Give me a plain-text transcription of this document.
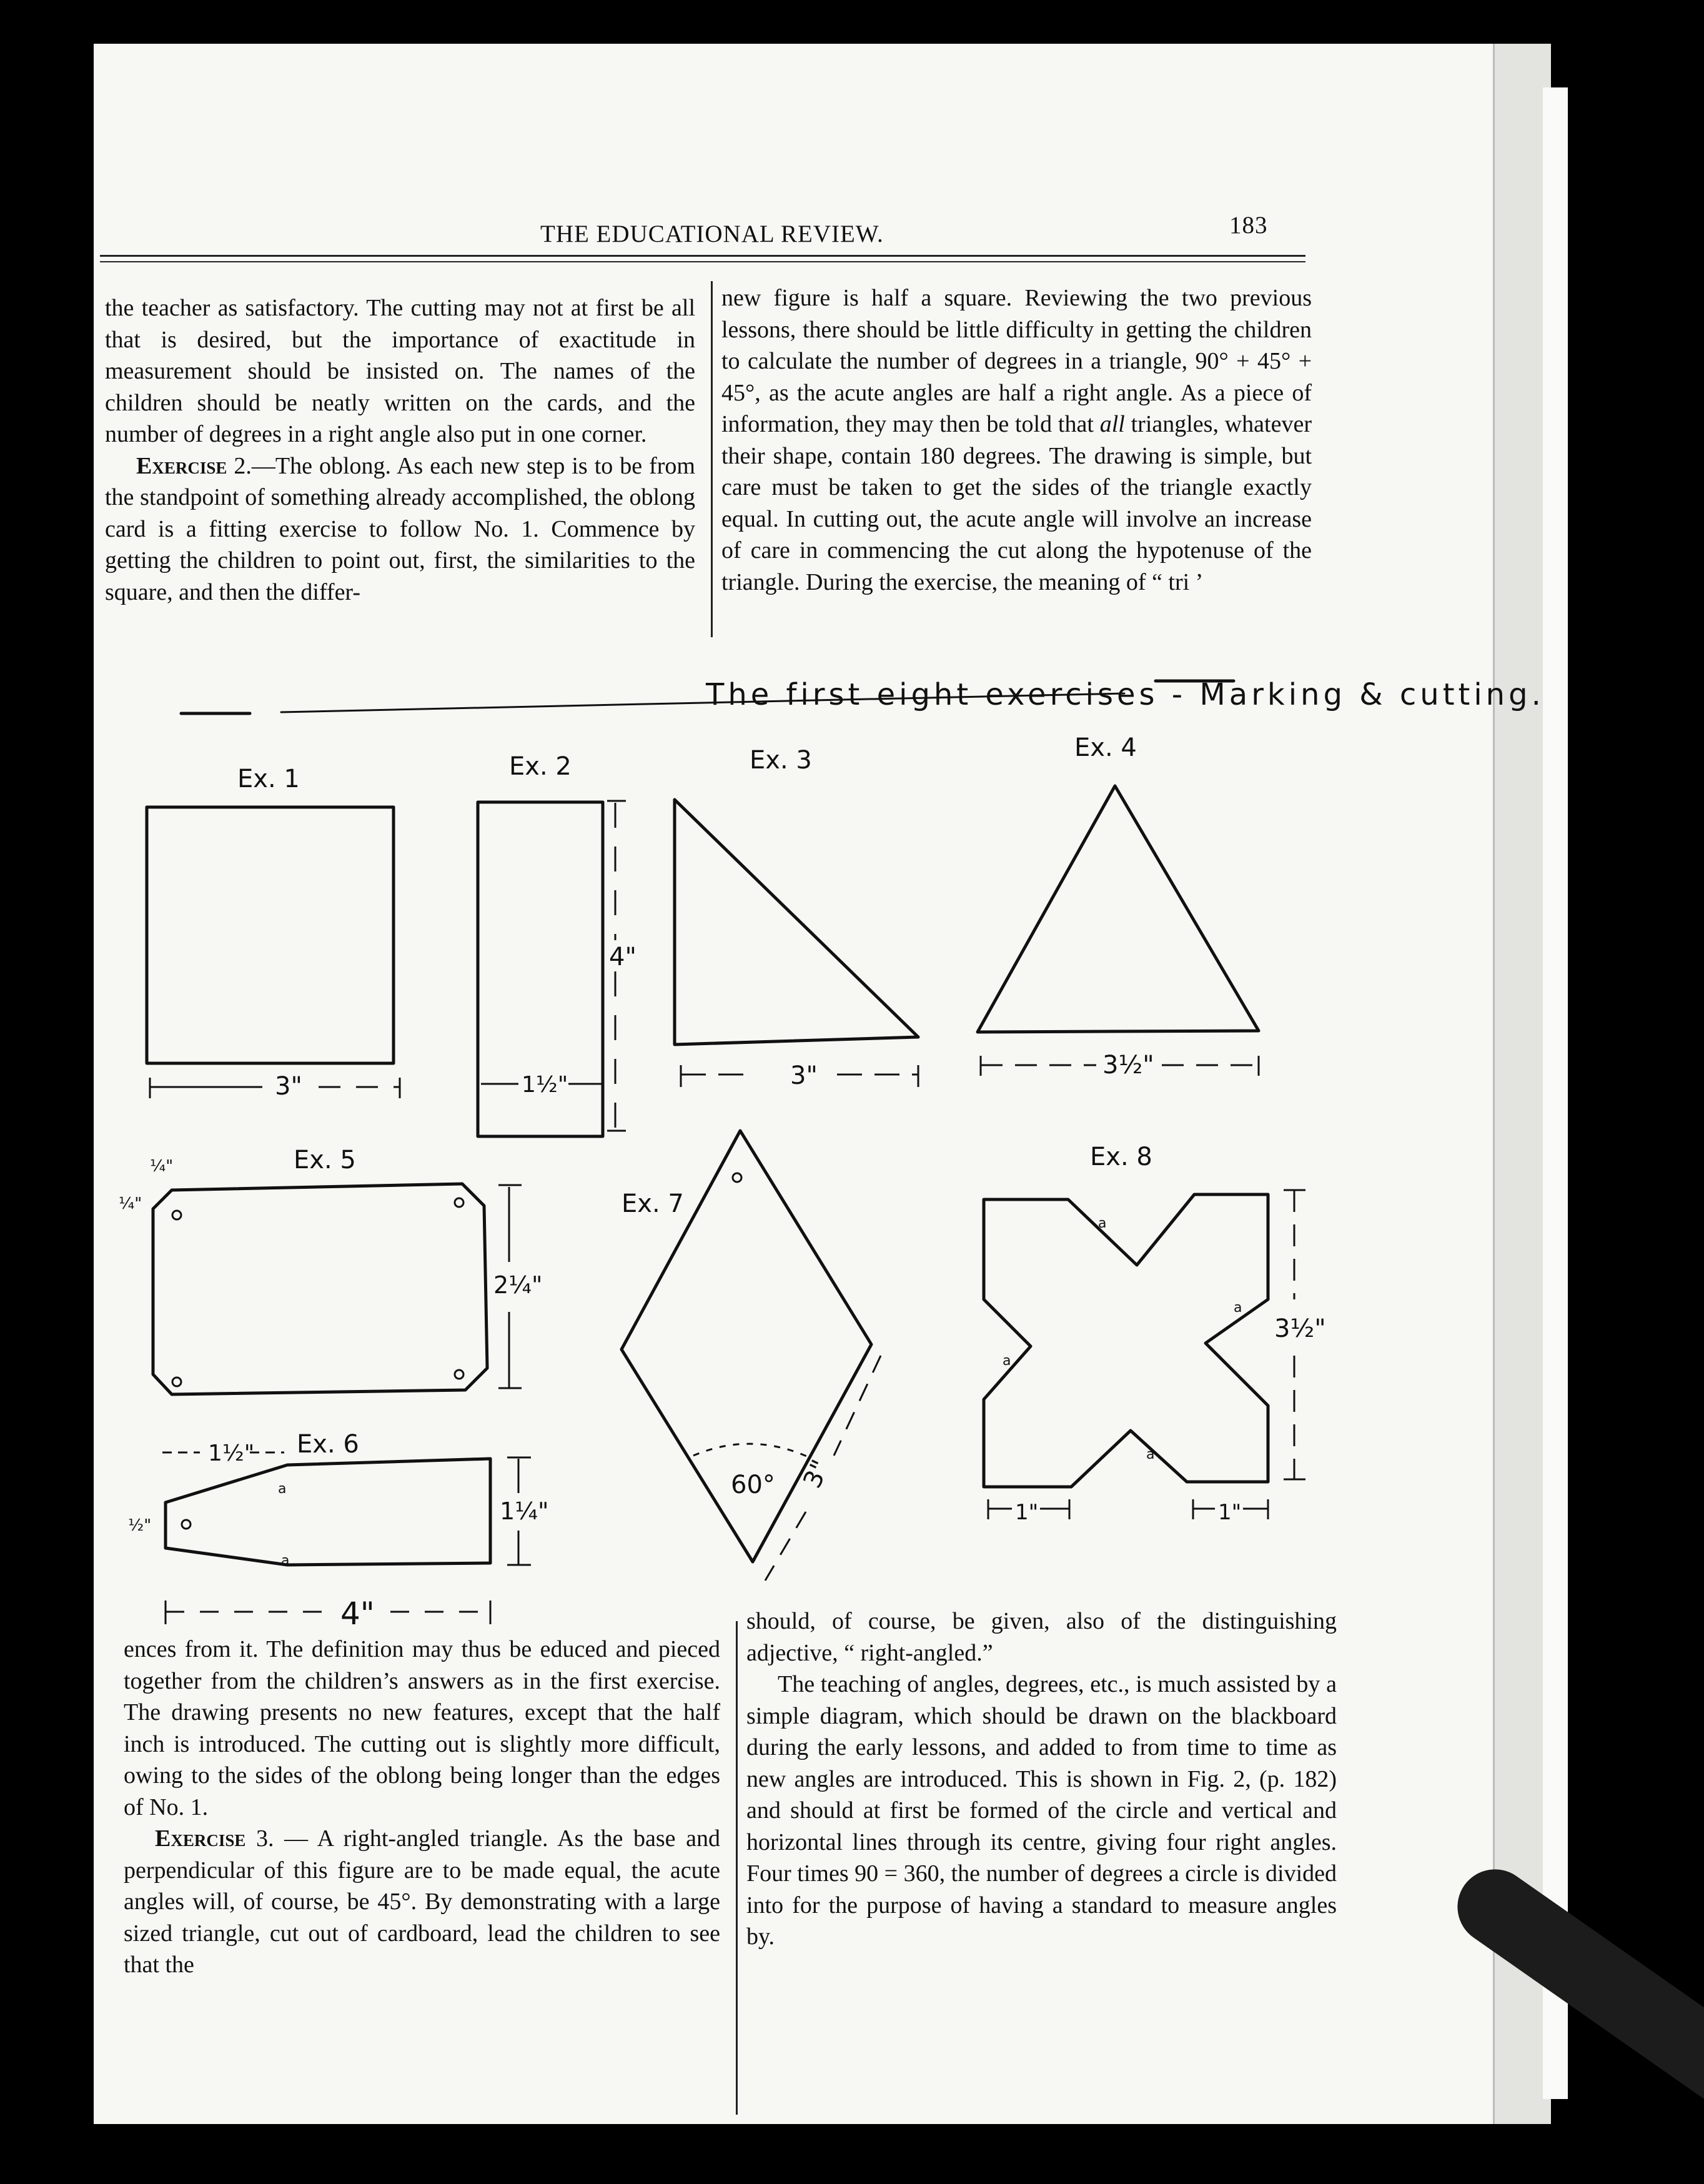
THE EDUCATIONAL REVIEW.	183

the teacher as satisfactory. The cutting may not at first be all that is desired, but the importance of exactitude in measurement should be insisted on. The names of the children should be neatly written on the cards, and the number of degrees in a right angle also put in one corner.

Exercise 2.—The oblong. As each new step is to be from the standpoint of something already accomplished, the oblong card is a fitting exercise to follow No. 1. Commence by getting the children to point out, first, the similarities to the square, and then the differ-

new figure is half a square. Reviewing the two previous lessons, there should be little difficulty in getting the children to calculate the number of degrees in a triangle, 90° + 45° + 45°, as the acute angles are half a right angle. As a piece of information, they may then be told that all triangles, whatever their shape, contain 180 degrees. The drawing is simple, but care must be taken to get the sides of the triangle exactly equal. In cutting out, the acute angle will involve an increase of care in commencing the cut along the hypotenuse of the triangle. During the exercise, the meaning of “ tri ’

The first eight exercises - Marking & cutting.
Ex. 1	Ex. 2	Ex. 3	Ex. 4
Ex. 5
Ex. 6
Ex. 7
Ex. 8
3"
4"
1½"	3"	3½"
2¼"
¼"
¼"
1½"
1¼"
4"
½"
60° 3"
3½"
1"	1"
a
a
a
a
a
a

ences from it. The definition may thus be educed and pieced together from the children’s answers as in the first exercise. The drawing presents no new features, except that the half inch is introduced. The cutting out is slightly more difficult, owing to the sides of the oblong being longer than the edges of No. 1.

Exercise 3. — A right-angled triangle. As the base and perpendicular of this figure are to be made equal, the acute angles will, of course, be 45°. By demonstrating with a large sized triangle, cut out of cardboard, lead the children to see that the

should, of course, be given, also of the distinguishing adjective, “ right-angled.”

The teaching of angles, degrees, etc., is much assisted by a simple diagram, which should be drawn on the blackboard during the early lessons, and added to from time to time as new angles are introduced. This is shown in Fig. 2, (p. 182) and should at first be formed of the circle and vertical and horizontal lines through its centre, giving four right angles. Four times 90 = 360, the number of degrees a circle is divided into for the purpose of having a standard to measure angles by.
